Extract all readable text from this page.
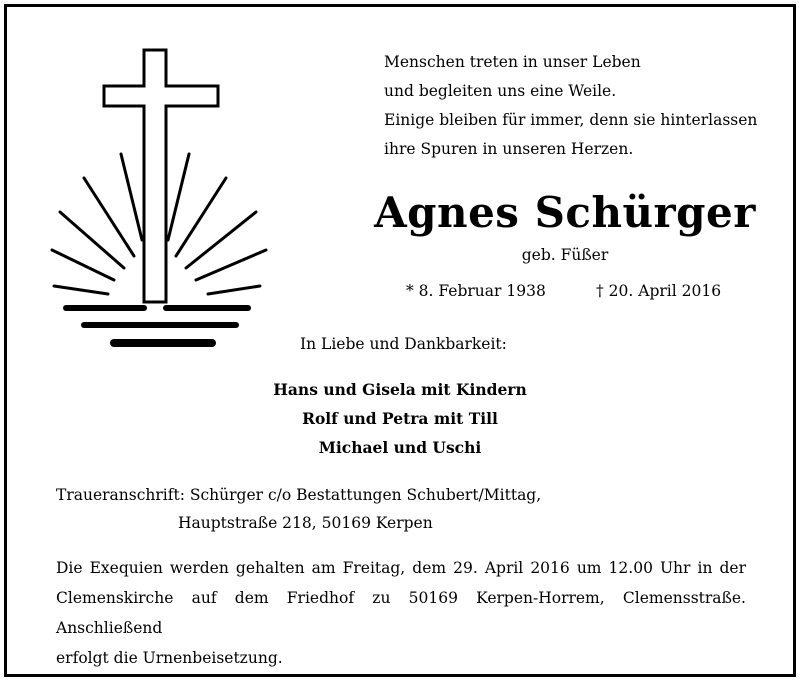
Menschen treten in unser Leben
und begleiten uns eine Weile.
Einige bleiben für immer, denn sie hinterlassen
ihre Spuren in unseren Herzen.
Agnes Schürger
geb. Füßer
* 8. Februar 1938	† 20. April 2016
In Liebe und Dankbarkeit:
Hans und Gisela mit Kindern
Rolf und Petra mit Till
Michael und Uschi
Traueranschrift: Schürger c/o Bestattungen Schubert/Mittag,
Hauptstraße 218, 50169 Kerpen
Die Exequien werden gehalten am Freitag, dem 29. April 2016 um 12.00 Uhr in der
Clemenskirche auf dem Friedhof zu 50169 Kerpen-Horrem, Clemensstraße. Anschließend
erfolgt die Urnenbeisetzung.
